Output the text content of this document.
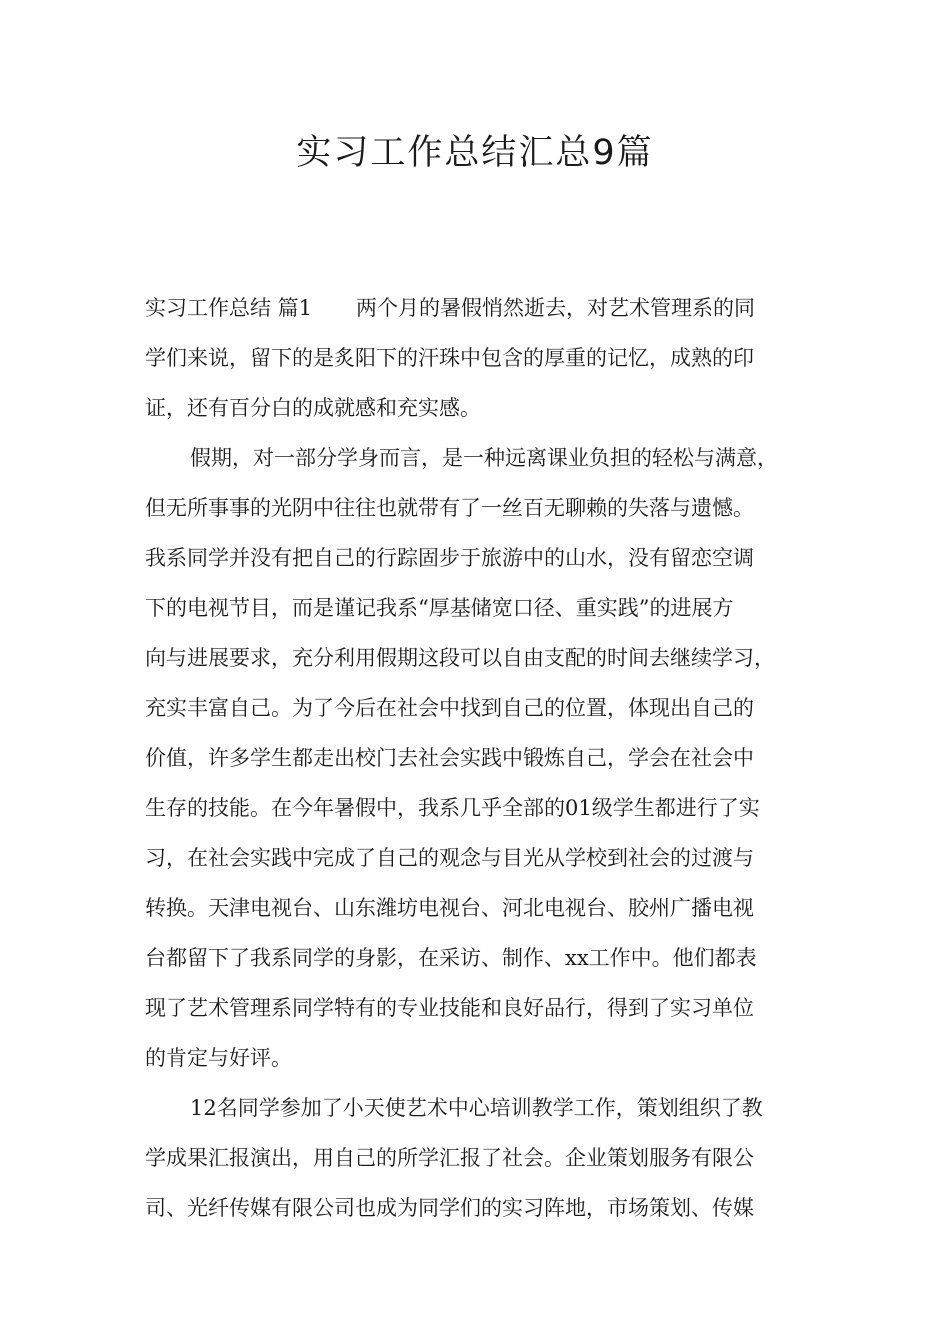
实习工作总结汇总9篇

实习工作总结 篇1 两个月的暑假悄然逝去，对艺术管理系的同
学们来说，留下的是炙阳下的汗珠中包含的厚重的记忆，成熟的印
证，还有百分白的成就感和充实感。

假期，对一部分学身而言，是一种远离课业负担的轻松与满意，
但无所事事的光阴中往往也就带有了一丝百无聊赖的失落与遗憾。
我系同学并没有把自己的行踪固步于旅游中的山水，没有留恋空调
下的电视节目，而是谨记我系“厚基储宽口径、重实践”的进展方
向与进展要求，充分利用假期这段可以自由支配的时间去继续学习，
充实丰富自己。为了今后在社会中找到自己的位置，体现出自己的
价值，许多学生都走出校门去社会实践中锻炼自己，学会在社会中
生存的技能。在今年暑假中，我系几乎全部的01级学生都进行了实
习，在社会实践中完成了自己的观念与目光从学校到社会的过渡与
转换。天津电视台、山东潍坊电视台、河北电视台、胶州广播电视
台都留下了我系同学的身影，在采访、制作、xx工作中。他们都表
现了艺术管理系同学特有的专业技能和良好品行，得到了实习单位
的肯定与好评。

12名同学参加了小天使艺术中心培训教学工作，策划组织了教
学成果汇报演出，用自己的所学汇报了社会。企业策划服务有限公
司、光纤传媒有限公司也成为同学们的实习阵地，市场策划、传媒
